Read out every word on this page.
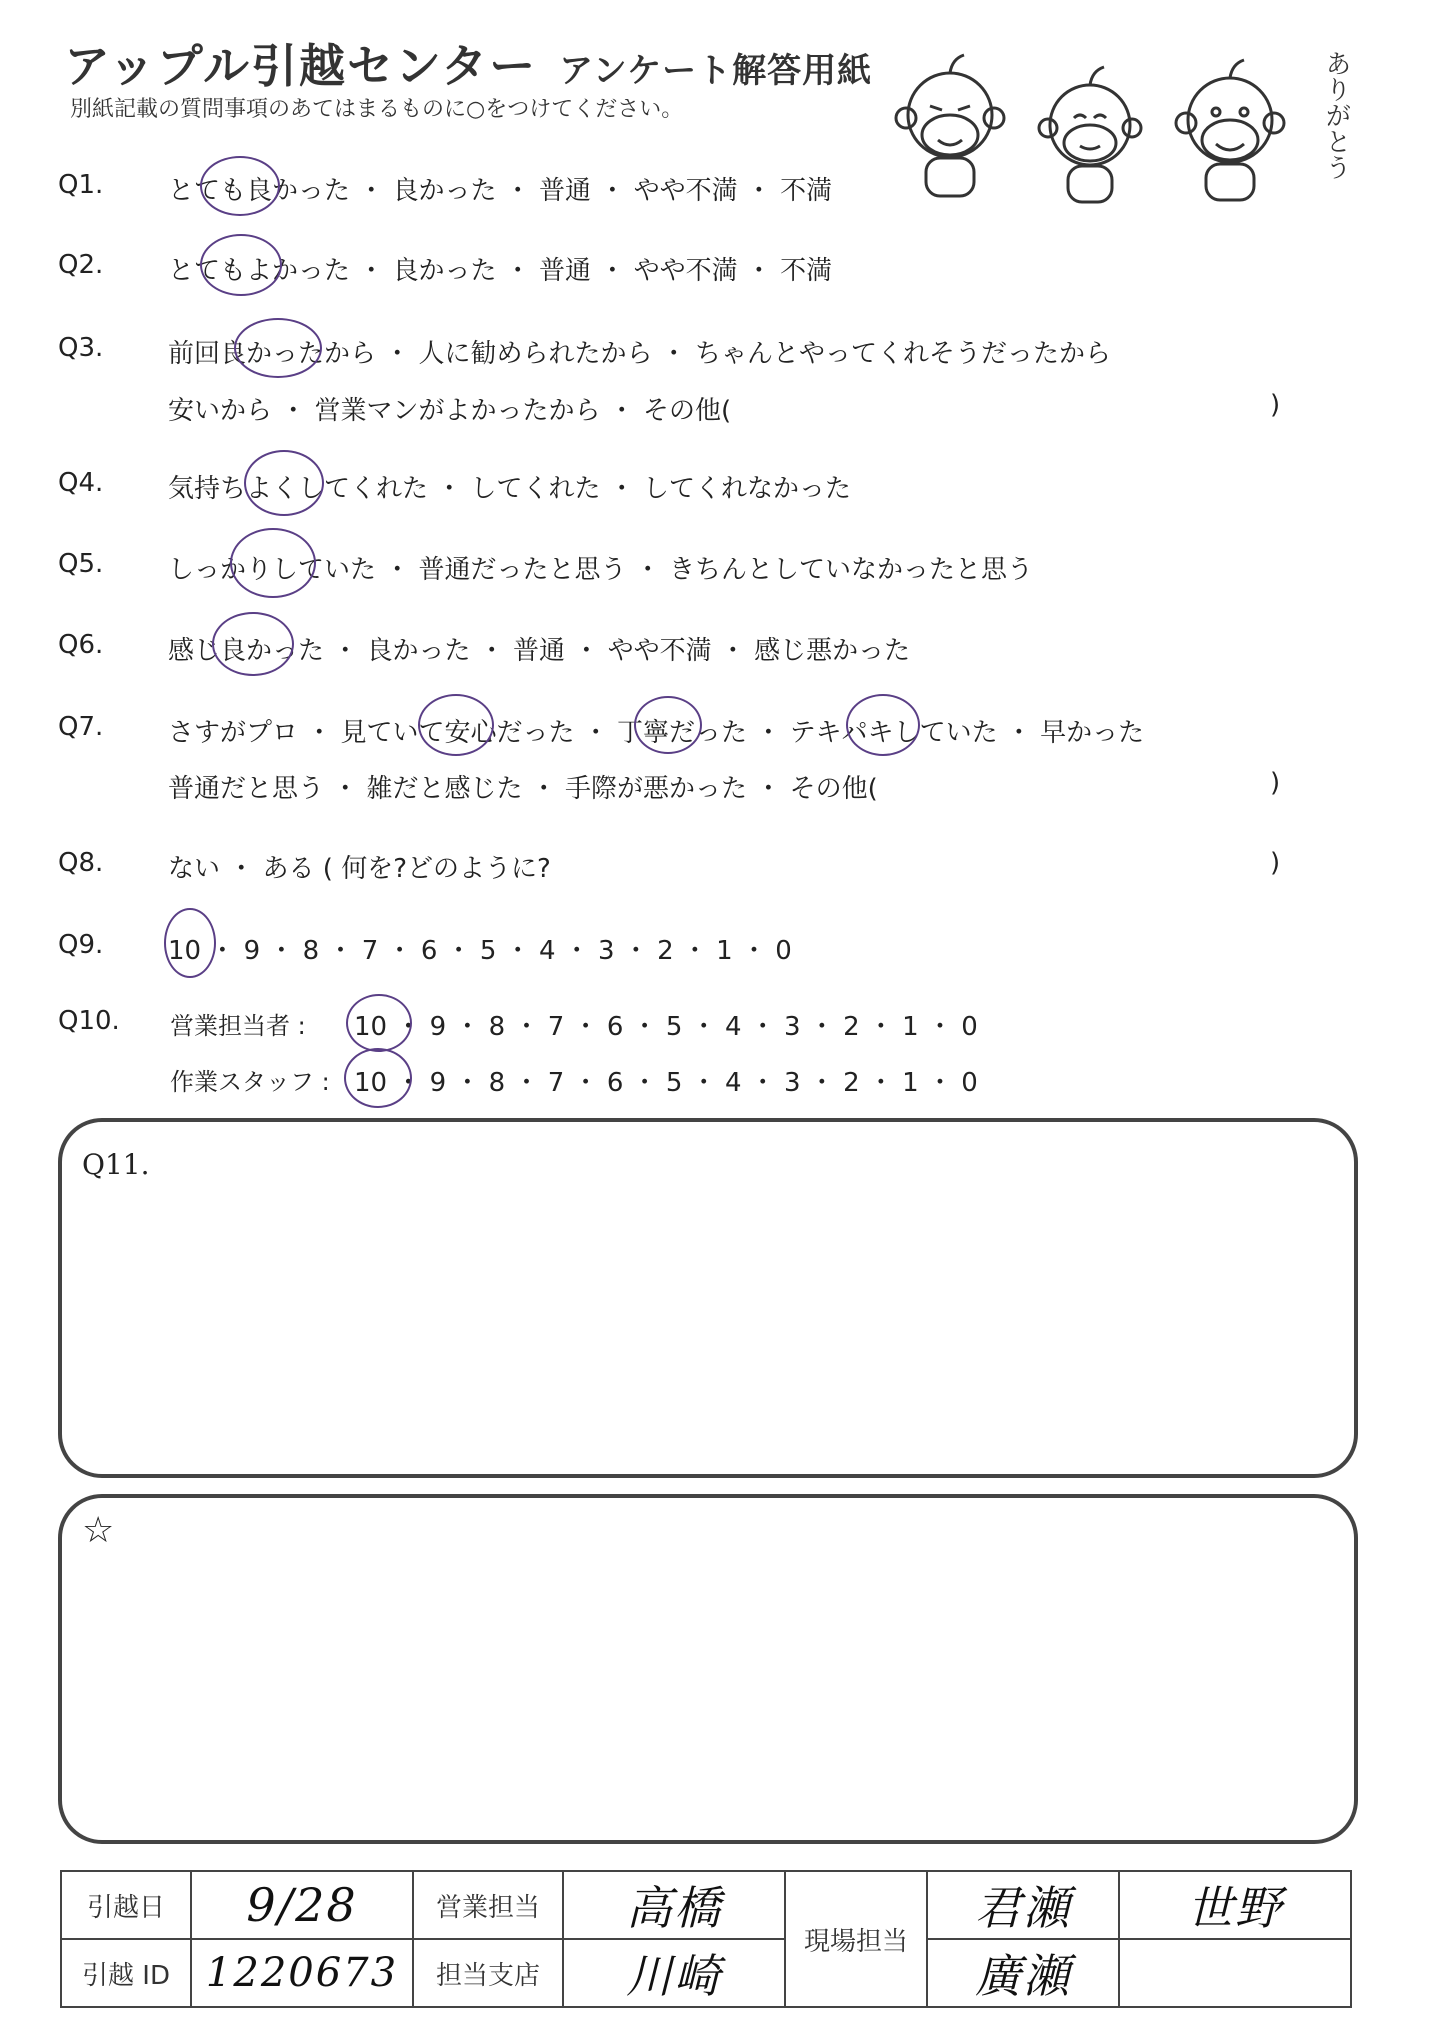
アップル引越センター アンケート解答用紙
別紙記載の質問事項のあてはまるものに○をつけてください。	ありがとう
Q1. とても良かった ・ 良かった ・ 普通 ・ やや不満 ・ 不満
Q2. とてもよかった ・ 良かった ・ 普通 ・ やや不満 ・ 不満
Q3. 前回良かったから ・ 人に勧められたから ・ ちゃんとやってくれそうだったから
安いから ・ 営業マンがよかったから ・ その他(	)
Q4. 気持ちよくしてくれた ・ してくれた ・ してくれなかった
Q5. しっかりしていた ・ 普通だったと思う ・ きちんとしていなかったと思う
Q6. 感じ良かった ・ 良かった ・ 普通 ・ やや不満 ・ 感じ悪かった
Q7. さすがプロ ・ 見ていて安心だった ・ 丁寧だった ・ テキパキしていた ・ 早かった
普通だと思う ・ 雑だと感じた ・ 手際が悪かった ・ その他(	)
Q8. ない ・ ある ( 何を?どのように?	)
Q9. 10 ・ 9 ・ 8 ・ 7 ・ 6 ・ 5 ・ 4 ・ 3 ・ 2 ・ 1 ・ 0
Q10. 営業担当者 : 10 ・ 9 ・ 8 ・ 7 ・ 6 ・ 5 ・ 4 ・ 3 ・ 2 ・ 1 ・ 0
作業スタッフ : 10 ・ 9 ・ 8 ・ 7 ・ 6 ・ 5 ・ 4 ・ 3 ・ 2 ・ 1 ・ 0
Q11.
☆
引越日	9/28	営業担当	高橋	現場担当	君瀬	世野
引越 ID	1220673	担当支店	川崎		廣瀬	
